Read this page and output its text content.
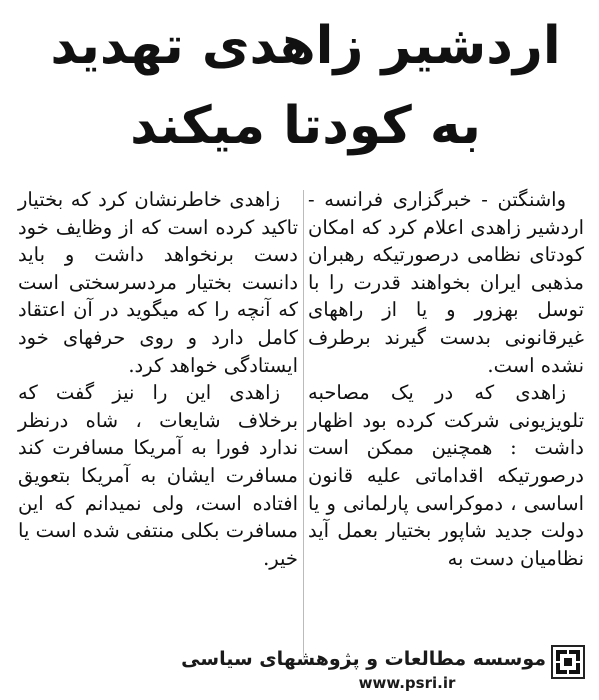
اردشیر زاهدی تهدید
به کودتا میکند

واشنگتن - خبرگزاری فرانسه - اردشیر زاهدی اعلام کرد که امکان کودتای نظامی درصورتیکه رهبران مذهبی ایران بخواهند قدرت را با توسل بهزور و یا از راههای غیرقانونی بدست گیرند برطرف نشده است.

زاهدی که در یک مصاحبه تلویزیونی شرکت کرده بود اظهار داشت : همچنین ممکن است درصورتیکه اقداماتی علیه قانون اساسی ، دموکراسی پارلمانی و یا دولت جدید شاپور بختیار بعمل آید نظامیان دست به

زاهدی خاطرنشان کرد که بختیار تاکید کرده است که از وظایف خود دست برنخواهد داشت و باید دانست بختیار مردسرسختی است که آنچه را که میگوید در آن اعتقاد کامل دارد و روی حرفهای خود ایستادگی خواهد کرد.

زاهدی این را نیز گفت که برخلاف شایعات ، شاه درنظر ندارد فورا به آمریکا مسافرت کند مسافرت ایشان به آمریکا بتعویق افتاده است، ولی نمیدانم که این مسافرت بکلی منتفی شده است یا خیر.

موسسه مطالعات و پژوهشهای سیاسی
www.psri.ir
